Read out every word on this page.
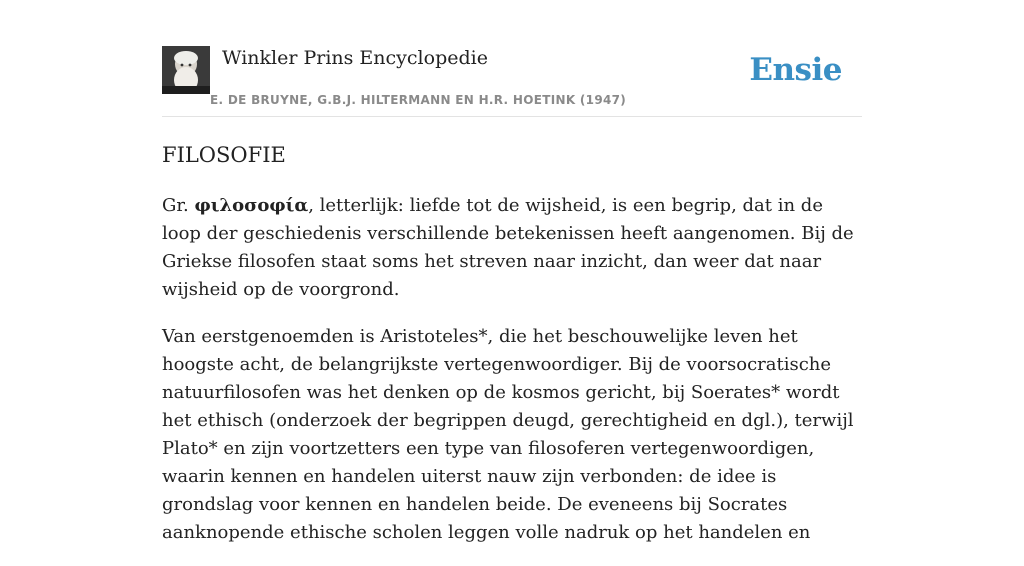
Winkler Prins Encyclopedie
E. DE BRUYNE, G.B.J. HILTERMANN EN H.R. HOETINK (1947)
Ensie
FILOSOFIE

Gr. φιλοσοφία, letterlijk: liefde tot de wijsheid, is een begrip, dat in de loop der geschiedenis verschillende betekenissen heeft aangenomen. Bij de Griekse filosofen staat soms het streven naar inzicht, dan weer dat naar wijsheid op de voorgrond.

Van eerstgenoemden is Aristoteles*, die het beschouwelijke leven het hoogste acht, de belangrijkste vertegenwoordiger. Bij de voorsocratische natuurfilosofen was het denken op de kosmos gericht, bij Soerates* wordt het ethisch (onderzoek der begrippen deugd, gerechtigheid en dgl.), terwijl Plato* en zijn voortzetters een type van filosoferen vertegenwoordigen, waarin kennen en handelen uiterst nauw zijn verbonden: de idee is grondslag voor kennen en handelen beide. De eveneens bij Socrates aanknopende ethische scholen leggen volle nadruk op het handelen en
